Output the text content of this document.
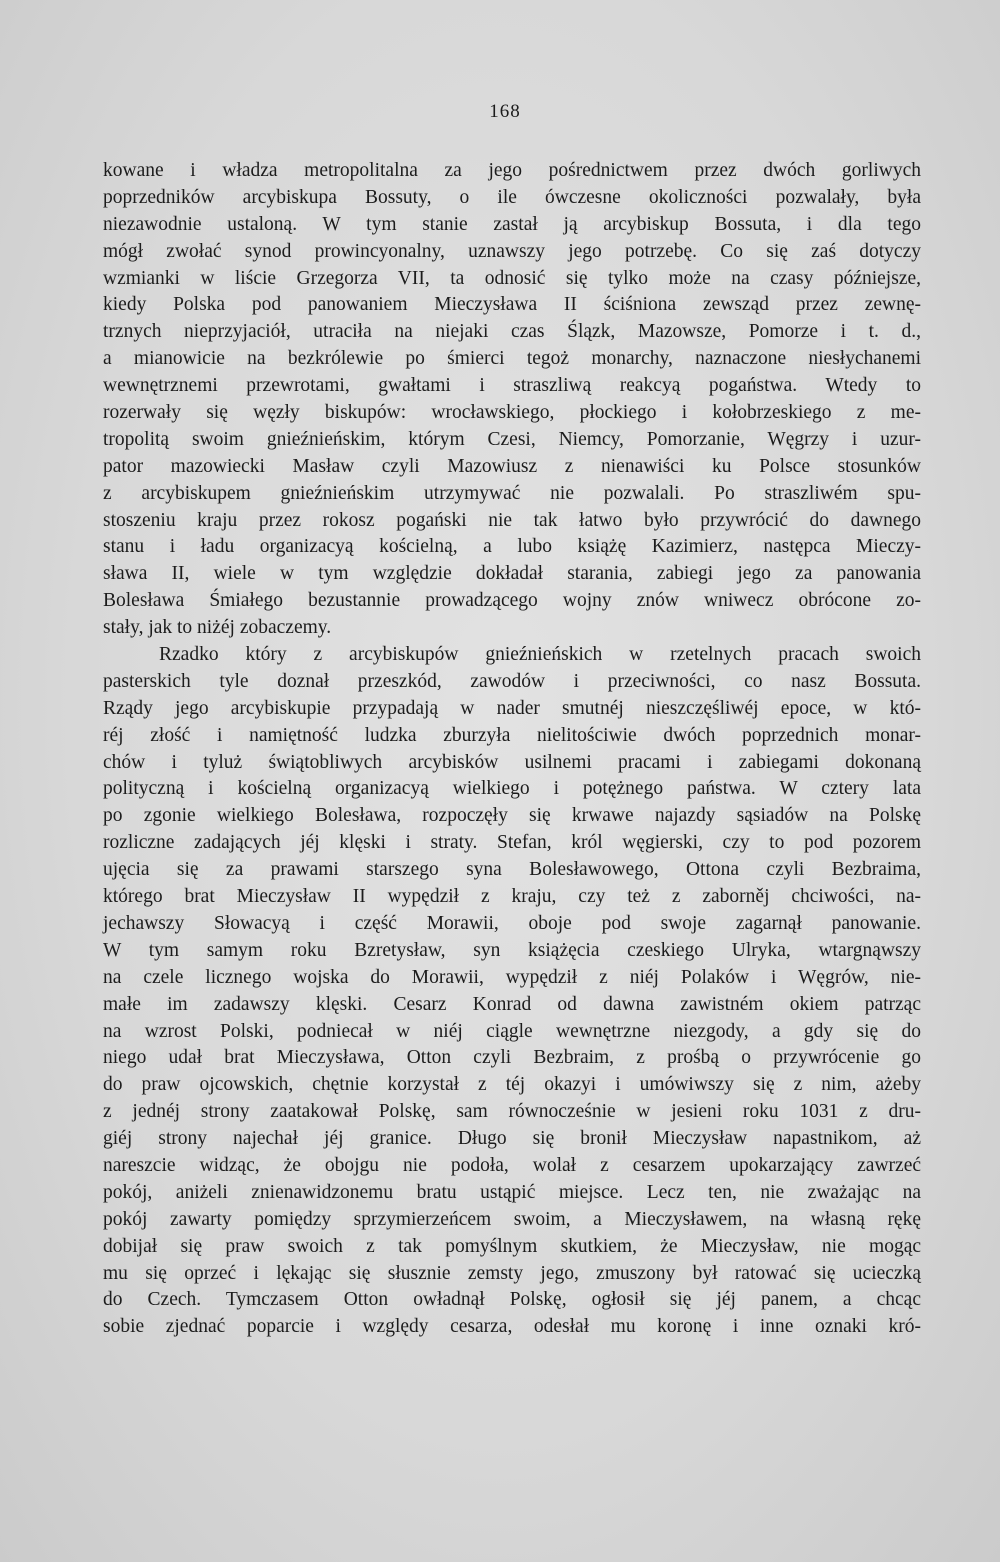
168
kowane i władza metropolitalna za jego pośrednictwem przez dwóch gorliwych
poprzedników arcybiskupa Bossuty, o ile ówczesne okoliczności pozwalały, była
niezawodnie ustaloną. W tym stanie zastał ją arcybiskup Bossuta, i dla tego
mógł zwołać synod prowincyonalny, uznawszy jego potrzebę. Co się zaś dotyczy
wzmianki w liście Grzegorza VII, ta odnosić się tylko może na czasy późniejsze,
kiedy Polska pod panowaniem Mieczysława II ściśniona zewsząd przez zewnę-
trznych nieprzyjaciół, utraciła na niejaki czas Ślązk, Mazowsze, Pomorze i t. d.,
a mianowicie na bezkrólewie po śmierci tegoż monarchy, naznaczone niesłychanemi
wewnętrznemi przewrotami, gwałtami i straszliwą reakcyą pogaństwa. Wtedy to
rozerwały się węzły biskupów: wrocławskiego, płockiego i kołobrzeskiego z me-
tropolitą swoim gnieźnieńskim, którym Czesi, Niemcy, Pomorzanie, Węgrzy i uzur-
pator mazowiecki Masław czyli Mazowiusz z nienawiści ku Polsce stosunków
z arcybiskupem gnieźnieńskim utrzymywać nie pozwalali. Po straszliwém spu-
stoszeniu kraju przez rokosz pogański nie tak łatwo było przywrócić do dawnego
stanu i ładu organizacyą kościelną, a lubo książę Kazimierz, następca Mieczy-
sława II, wiele w tym względzie dokładał starania, zabiegi jego za panowania
Bolesława Śmiałego bezustannie prowadzącego wojny znów wniwecz obrócone zo-
stały, jak to niżéj zobaczemy.
Rzadko który z arcybiskupów gnieźnieńskich w rzetelnych pracach swoich
pasterskich tyle doznał przeszkód, zawodów i przeciwności, co nasz Bossuta.
Rządy jego arcybiskupie przypadają w nader smutnéj nieszczęśliwéj epoce, w któ-
réj złość i namiętność ludzka zburzyła nielitościwie dwóch poprzednich monar-
chów i tyluż świątobliwych arcybisków usilnemi pracami i zabiegami dokonaną
polityczną i kościelną organizacyą wielkiego i potężnego państwa. W cztery lata
po zgonie wielkiego Bolesława, rozpoczęły się krwawe najazdy sąsiadów na Polskę
rozliczne zadających jéj klęski i straty. Stefan, król węgierski, czy to pod pozorem
ujęcia się za prawami starszego syna Bolesławowego, Ottona czyli Bezbraima,
którego brat Mieczysław II wypędził z kraju, czy też z zaborněj chciwości, na-
jechawszy Słowacyą i część Morawii, oboje pod swoje zagarnął panowanie.
W tym samym roku Bzretysław, syn książęcia czeskiego Ulryka, wtargnąwszy
na czele licznego wojska do Morawii, wypędził z niéj Polaków i Węgrów, nie-
małe im zadawszy klęski. Cesarz Konrad od dawna zawistném okiem patrząc
na wzrost Polski, podniecał w niéj ciągle wewnętrzne niezgody, a gdy się do
niego udał brat Mieczysława, Otton czyli Bezbraim, z prośbą o przywrócenie go
do praw ojcowskich, chętnie korzystał z téj okazyi i umówiwszy się z nim, ażeby
z jednéj strony zaatakował Polskę, sam równocześnie w jesieni roku 1031 z dru-
giéj strony najechał jéj granice. Długo się bronił Mieczysław napastnikom, aż
nareszcie widząc, że obojgu nie podoła, wolał z cesarzem upokarzający zawrzeć
pokój, aniżeli znienawidzonemu bratu ustąpić miejsce. Lecz ten, nie zważając na
pokój zawarty pomiędzy sprzymierzeńcem swoim, a Mieczysławem, na własną rękę
dobijał się praw swoich z tak pomyślnym skutkiem, że Mieczysław, nie mogąc
mu się oprzeć i lękając się słusznie zemsty jego, zmuszony był ratować się ucieczką
do Czech. Tymczasem Otton owładnął Polskę, ogłosił się jéj panem, a chcąc
sobie zjednać poparcie i względy cesarza, odesłał mu koronę i inne oznaki kró-
